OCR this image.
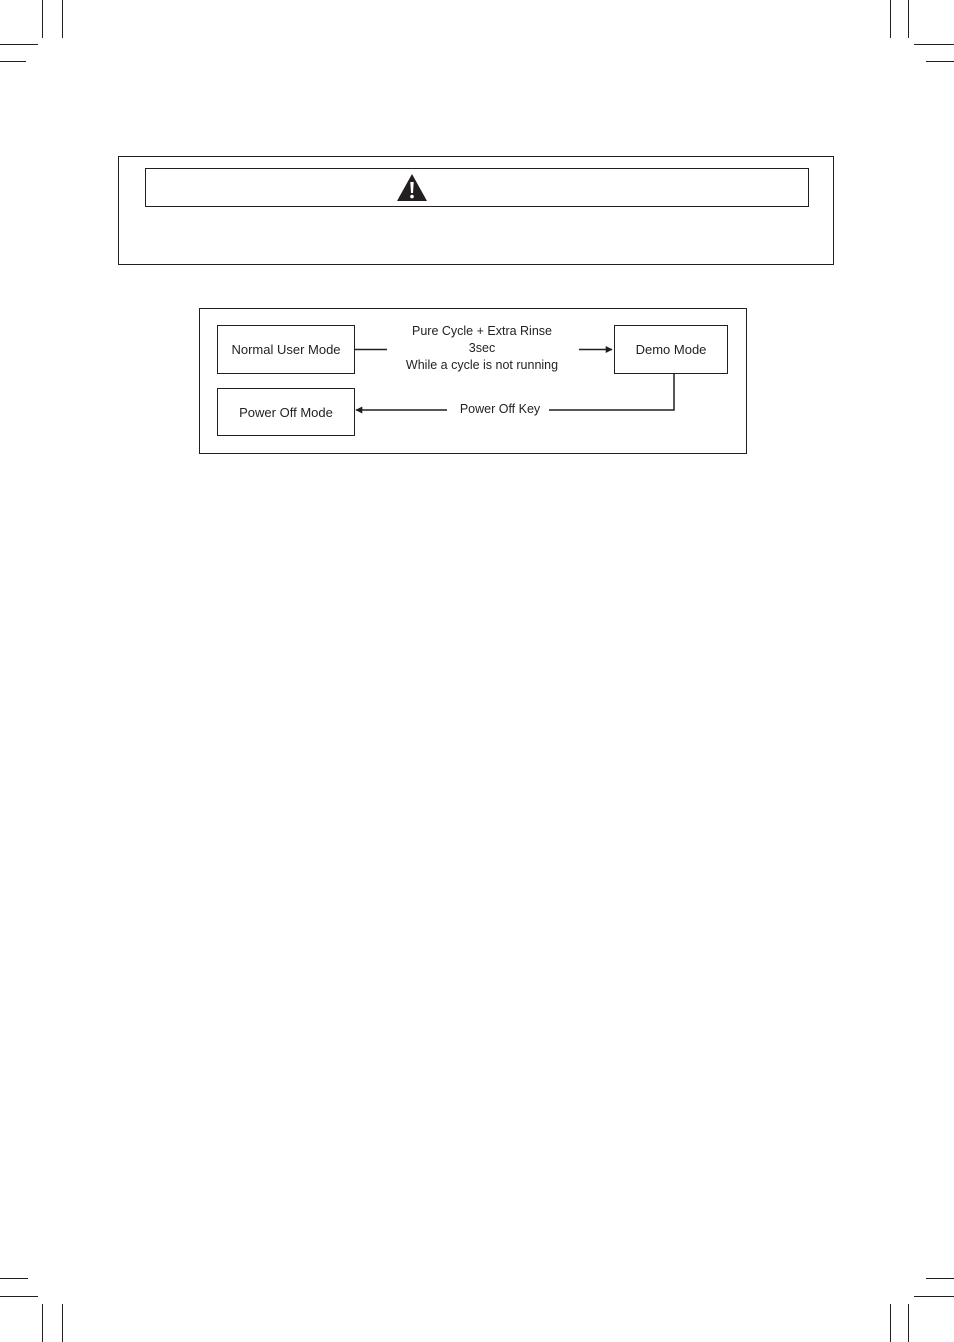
Normal User Mode	Demo Mode
Power Off Mode
Pure Cycle + Extra Rinse
3sec
While a cycle is not running
Power Off Key
